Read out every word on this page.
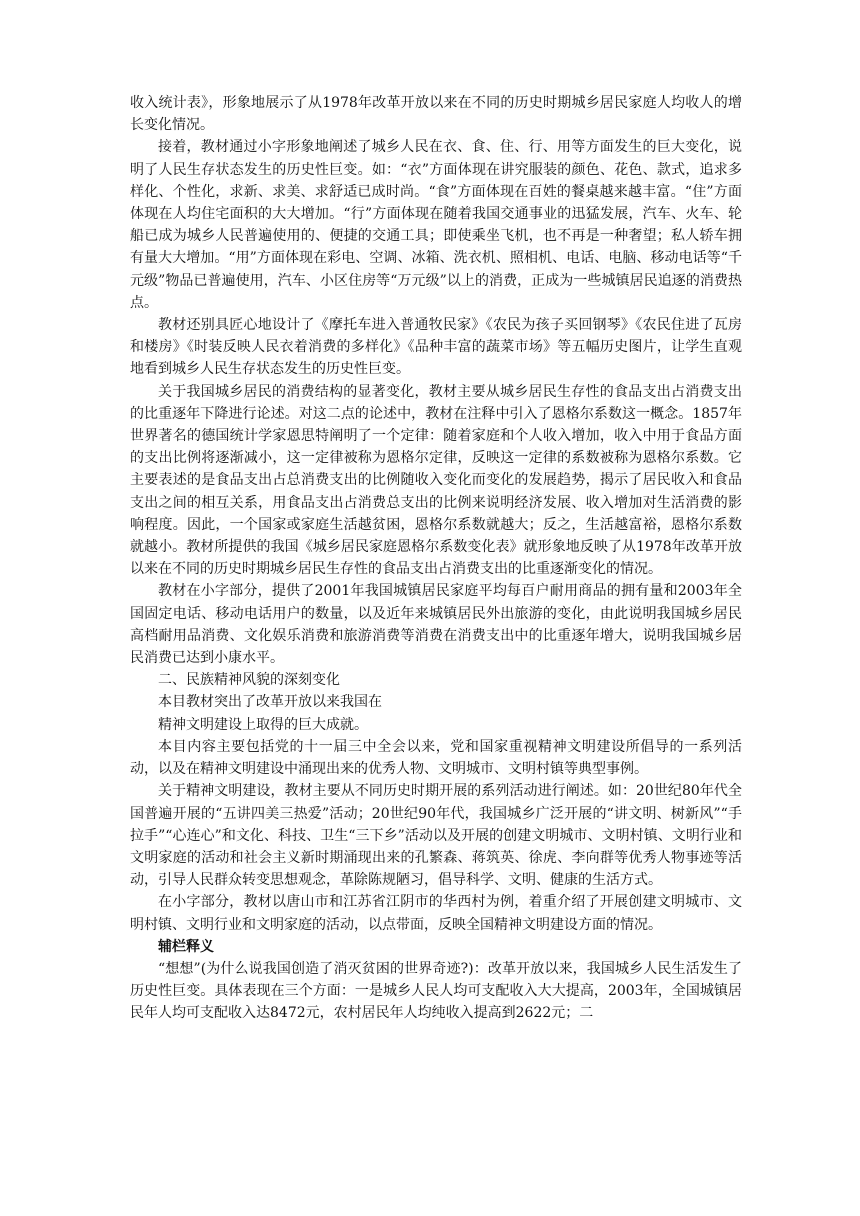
收入统计表》，形象地展示了从1978年改革开放以来在不同的历史时期城乡居民家庭人均收人的增长变化情况。

接着，教材通过小字形象地阐述了城乡人民在衣、食、住、行、用等方面发生的巨大变化，说明了人民生存状态发生的历史性巨变。如：“衣”方面体现在讲究服装的颜色、花色、款式，追求多样化、个性化，求新、求美、求舒适已成时尚。“食”方面体现在百姓的餐桌越来越丰富。“住”方面体现在人均住宅面积的大大增加。“行”方面体现在随着我国交通事业的迅猛发展，汽车、火车、轮船已成为城乡人民普遍使用的、便捷的交通工具；即使乘坐飞机，也不再是一种奢望；私人轿车拥有量大大增加。“用”方面体现在彩电、空调、冰箱、洗衣机、照相机、电话、电脑、移动电话等“千元级”物品已普遍使用，汽车、小区住房等“万元级”以上的消费，正成为一些城镇居民追逐的消费热点。

教材还别具匠心地设计了《摩托车进入普通牧民家》《农民为孩子买回钢琴》《农民住进了瓦房和楼房》《时装反映人民衣着消费的多样化》《品种丰富的蔬菜市场》等五幅历史图片，让学生直观地看到城乡人民生存状态发生的历史性巨变。

关于我国城乡居民的消费结构的显著变化，教材主要从城乡居民生存性的食品支出占消费支出的比重逐年下降进行论述。对这二点的论述中，教材在注释中引入了恩格尔系数这一概念。1857年世界著名的德国统计学家恩思特阐明了一个定律：随着家庭和个人收入增加，收入中用于食品方面的支出比例将逐渐减小，这一定律被称为恩格尔定律，反映这一定律的系数被称为恩格尔系数。它主要表述的是食品支出占总消费支出的比例随收入变化而变化的发展趋势，揭示了居民收入和食品支出之间的相互关系，用食品支出占消费总支出的比例来说明经济发展、收入增加对生活消费的影响程度。因此，一个国家或家庭生活越贫困，恩格尔系数就越大；反之，生活越富裕，恩格尔系数就越小。教材所提供的我国《城乡居民家庭恩格尔系数变化表》就形象地反映了从1978年改革开放以来在不同的历史时期城乡居民生存性的食品支出占消费支出的比重逐渐变化的情况。

教材在小字部分，提供了2001年我国城镇居民家庭平均每百户耐用商品的拥有量和2003年全国固定电话、移动电话用户的数量，以及近年来城镇居民外出旅游的变化，由此说明我国城乡居民高档耐用品消费、文化娱乐消费和旅游消费等消费在消费支出中的比重逐年增大，说明我国城乡居民消费已达到小康水平。

二、民族精神风貌的深刻变化

本目教材突出了改革开放以来我国在

精神文明建设上取得的巨大成就。

本目内容主要包括党的十一届三中全会以来，党和国家重视精神文明建设所倡导的一系列活动，以及在精神文明建设中涌现出来的优秀人物、文明城市、文明村镇等典型事例。

关于精神文明建设，教材主要从不同历史时期开展的系列活动进行阐述。如：20世纪80年代全国普遍开展的“五讲四美三热爱”活动；20世纪90年代，我国城乡广泛开展的“讲文明、树新风”“手拉手”“心连心”和文化、科技、卫生“三下乡”活动以及开展的创建文明城市、文明村镇、文明行业和文明家庭的活动和社会主义新时期涌现出来的孔繁森、蒋筑英、徐虎、李向群等优秀人物事迹等活动，引导人民群众转变思想观念，革除陈规陋习，倡导科学、文明、健康的生活方式。

在小字部分，教材以唐山市和江苏省江阴市的华西村为例，着重介绍了开展创建文明城市、文明村镇、文明行业和文明家庭的活动，以点带面，反映全国精神文明建设方面的情况。

辅栏释义

“想想”(为什么说我国创造了消灭贫困的世界奇迹?)：改革开放以来，我国城乡人民生活发生了历史性巨变。具体表现在三个方面：一是城乡人民人均可支配收入大大提高，2003年，全国城镇居民年人均可支配收入达8472元，农村居民年人均纯收入提高到2622元；二
